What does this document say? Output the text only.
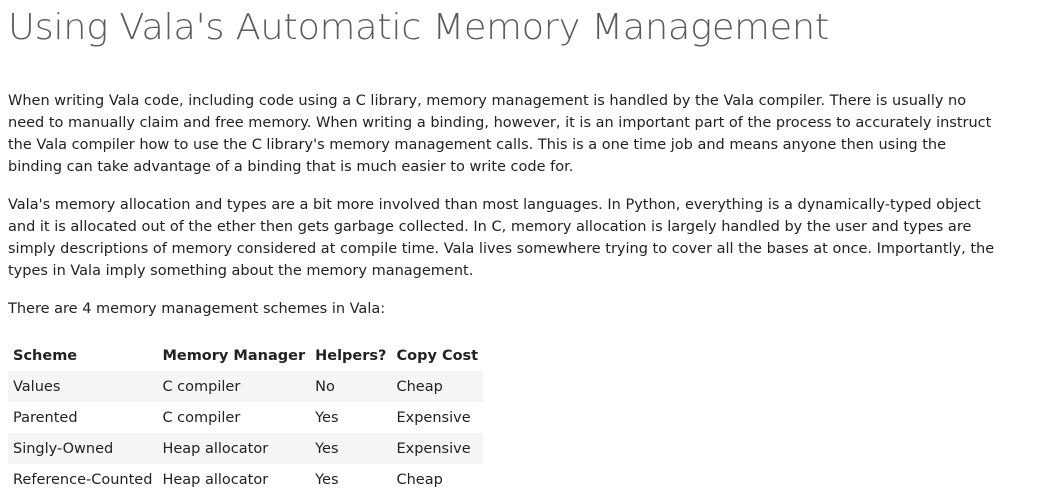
Using Vala's Automatic Memory Management

When writing Vala code, including code using a C library, memory management is handled by the Vala compiler. There is usually no need to manually claim and free memory. When writing a binding, however, it is an important part of the process to accurately instruct the Vala compiler how to use the C library's memory management calls. This is a one time job and means anyone then using the binding can take advantage of a binding that is much easier to write code for.

Vala's memory allocation and types are a bit more involved than most languages. In Python, everything is a dynamically-typed object and it is allocated out of the ether then gets garbage collected. In C, memory allocation is largely handled by the user and types are simply descriptions of memory considered at compile time. Vala lives somewhere trying to cover all the bases at once. Importantly, the types in Vala imply something about the memory management.

There are 4 memory management schemes in Vala:

Scheme	Memory Manager	Helpers?	Copy Cost
Values	C compiler	No	Cheap
Parented	C compiler	Yes	Expensive
Singly-Owned	Heap allocator	Yes	Expensive
Reference-Counted	Heap allocator	Yes	Cheap
